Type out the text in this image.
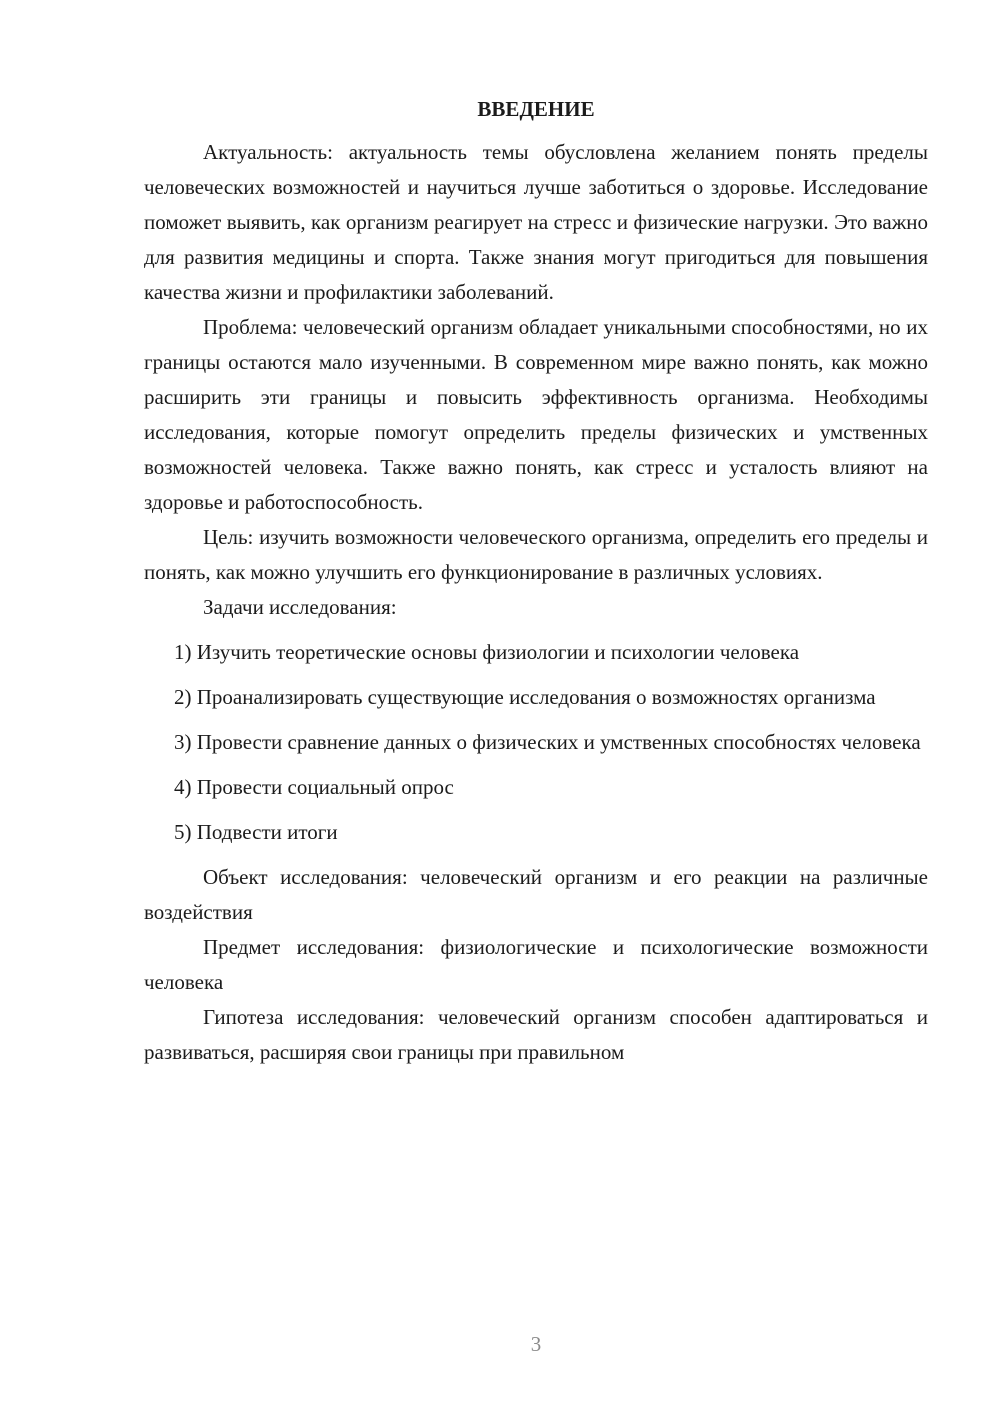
ВВЕДЕНИЕ

Актуальность: актуальность темы обусловлена желанием понять пределы человеческих возможностей и научиться лучше заботиться о здоровье. Исследование поможет выявить, как организм реагирует на стресс и физические нагрузки. Это важно для развития медицины и спорта. Также знания могут пригодиться для повышения качества жизни и профилактики заболеваний.

Проблема: человеческий организм обладает уникальными способностями, но их границы остаются мало изученными. В современном мире важно понять, как можно расширить эти границы и повысить эффективность организма. Необходимы исследования, которые помогут определить пределы физических и умственных возможностей человека. Также важно понять, как стресс и усталость влияют на здоровье и работоспособность.

Цель: изучить возможности человеческого организма, определить его пределы и понять, как можно улучшить его функционирование в различных условиях.

Задачи исследования:

1) Изучить теоретические основы физиологии и психологии человека

2) Проанализировать существующие исследования о возможностях организма

3) Провести сравнение данных о физических и умственных способностях человека

4) Провести социальный опрос

5) Подвести итоги

Объект исследования: человеческий организм и его реакции на различные воздействия

Предмет исследования: физиологические и психологические возможности человека

Гипотеза исследования: человеческий организм способен адаптироваться и развиваться, расширяя свои границы при правильном

3
